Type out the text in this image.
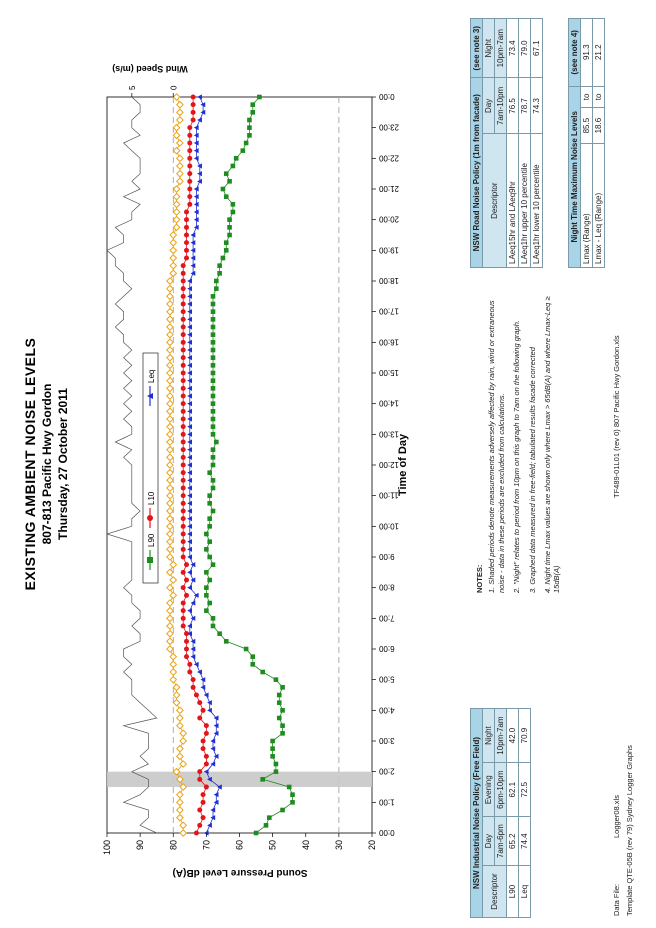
EXISTING AMBIENT NOISE LEVELS 807-813 Pacific Hwy Gordon Thursday, 27 October 2011
20
30
40
50
60
70
80
90
100
0
5
0:00
1:00
2:00
3:00
4:00
5:00
6:00
7:00
8:00
9:00
10:00
11:00
12:00
13:00
14:00
15:00
16:00
17:00
18:00
19:00
20:00
21:00
22:00
23:00
0:00
Sound Pressure Level dB(A)
Wind Speed (m/s)
Time of Day
L90
L10
Leq
NSW Industrial Noise Policy (Free Field)			
Descriptor	Day	Evening	Night
	7am-6pm	6pm-10pm	10pm-7am
L90	65.2	62.1	42.0
Leq	74.4	72.5	70.9
NOTES: 1. Shaded periods denote measurements adversely affected by rain, wind or extraneous noise - data in these periods are excluded from calculations. 2. "Night" relates to period from 10pm on this graph to 7am on the following graph. 3. Graphed data measured in free-field; tabulated results facade corrected 4. Night time Lmax values are shown only where Lmax > 65dB(A) and where Lmax-Leq ≥ 15dB(A)

NSW Road Noise Policy (1m from facade)		(see note 3)
Descriptor	Day	Night
	7am-10pm	10pm-7am
LAeq15hr and LAeq9hr	76.5	73.4
LAeq1hr upper 10 percentile	78.7	79.0
LAeq1hr lower 10 percentile	74.3	67.1
Night Time Maximum Noise Levels			(see note 4)
Lmax (Range)	85.5	to	91.3
Lmax - Leq (Range)	18.6	to	21.2
Data File:
Logger08.xls Template QTE-05B (rev 79) Sydney Logger Graphs
TF489-01L01 (rev 0) 807 Pacific Hwy Gordon.xls
